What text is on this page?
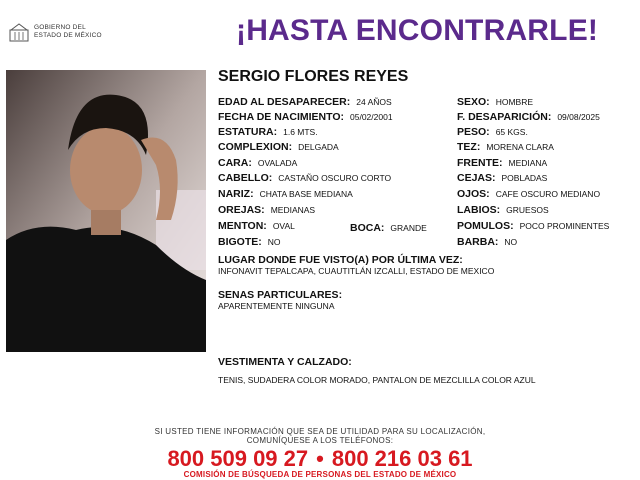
GOBIERNO DEL
ESTADO DE MÉXICO	¡HASTA ENCONTRARLE!
SERGIO FLORES REYES
EDAD AL DESAPARECER: 24 AÑOS
FECHA DE NACIMIENTO: 05/02/2001
ESTATURA: 1.6 MTS.
COMPLEXION: DELGADA
CARA: OVALADA
CABELLO: CASTAÑO OSCURO CORTO
NARIZ: CHATA BASE MEDIANA
OREJAS: MEDIANAS
MENTON: OVAL
BIGOTE: NO
BOCA: GRANDE
SEXO: HOMBRE
F. DESAPARICIÓN: 09/08/2025
PESO: 65 KGS.
TEZ: MORENA CLARA
FRENTE: MEDIANA
CEJAS: POBLADAS
OJOS: CAFE OSCURO MEDIANO
LABIOS: GRUESOS
POMULOS: POCO PROMINENTES
BARBA: NO
LUGAR DONDE FUE VISTO(A) POR ÚLTIMA VEZ:
INFONAVIT TEPALCAPA, CUAUTITLÁN IZCALLI, ESTADO DE MEXICO
SENAS PARTICULARES:
APARENTEMENTE NINGUNA
VESTIMENTA Y CALZADO:
TENIS, SUDADERA COLOR MORADO, PANTALON DE MEZCLILLA COLOR AZUL
SI USTED TIENE INFORMACIÓN QUE SEA DE UTILIDAD PARA SU LOCALIZACIÓN,
COMUNÍQUESE A LOS TELÉFONOS:
800 509 09 27 • 800 216 03 61
COMISIÓN DE BÚSQUEDA DE PERSONAS DEL ESTADO DE MÉXICO
